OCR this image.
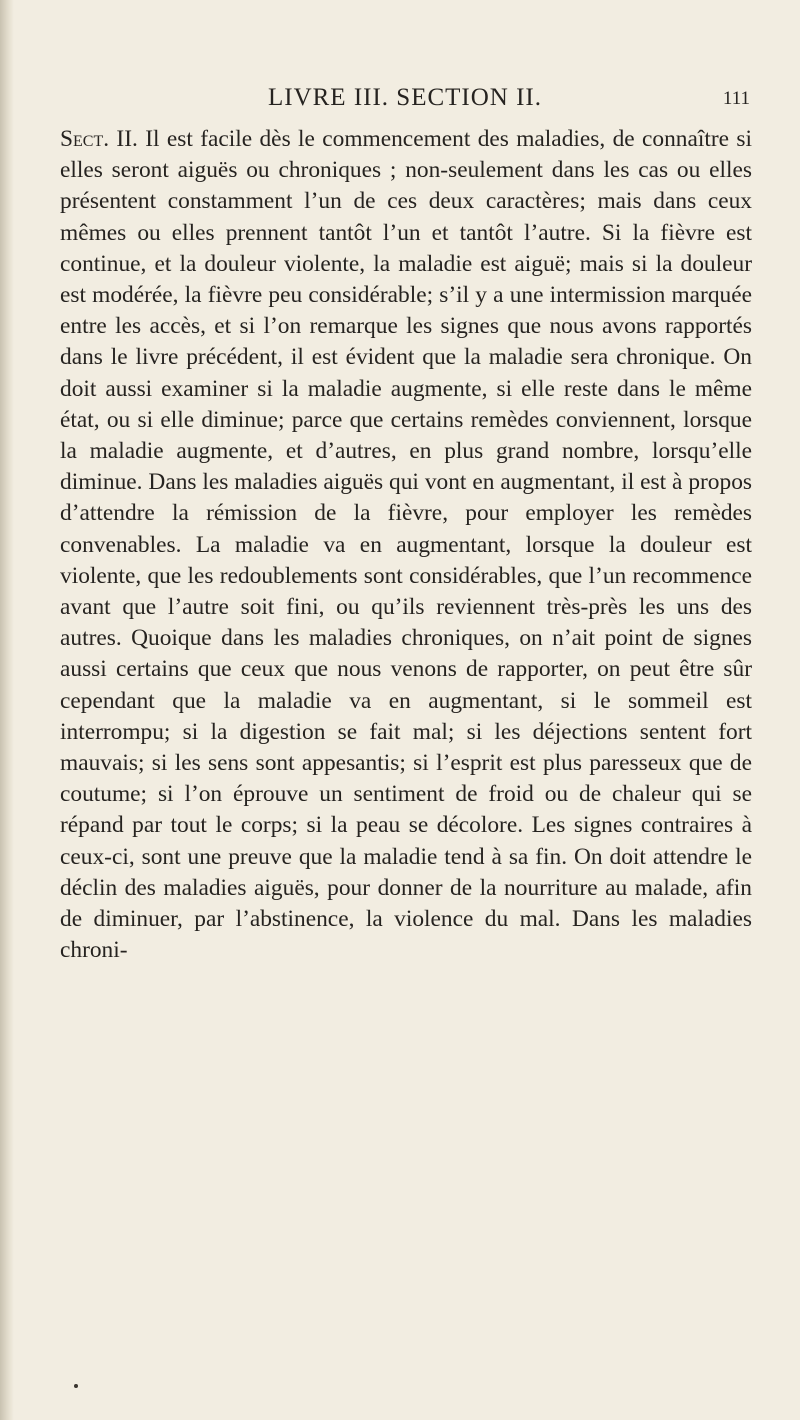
LIVRE III. SECTION II.	111

Sect. II. Il est facile dès le commencement des maladies, de connaître si elles seront aiguës ou chroniques ; non-seulement dans les cas ou elles présentent constamment l’un de ces deux caractères; mais dans ceux mêmes ou elles prennent tantôt l’un et tantôt l’autre. Si la fièvre est continue, et la douleur violente, la maladie est aiguë; mais si la douleur est modérée, la fièvre peu considérable; s’il y a une intermission marquée entre les accès, et si l’on remarque les signes que nous avons rapportés dans le livre précédent, il est évident que la maladie sera chronique. On doit aussi examiner si la maladie augmente, si elle reste dans le même état, ou si elle diminue; parce que certains remèdes conviennent, lorsque la maladie augmente, et d’autres, en plus grand nombre, lorsqu’elle diminue. Dans les maladies aiguës qui vont en augmentant, il est à propos d’attendre la rémission de la fièvre, pour employer les remèdes convenables. La maladie va en augmentant, lorsque la douleur est violente, que les redoublements sont considérables, que l’un recommence avant que l’autre soit fini, ou qu’ils reviennent très-près les uns des autres. Quoique dans les maladies chroniques, on n’ait point de signes aussi certains que ceux que nous venons de rapporter, on peut être sûr cependant que la maladie va en augmentant, si le sommeil est interrompu; si la digestion se fait mal; si les déjections sentent fort mauvais; si les sens sont appesantis; si l’esprit est plus paresseux que de coutume; si l’on éprouve un sentiment de froid ou de chaleur qui se répand par tout le corps; si la peau se décolore. Les signes contraires à ceux-ci, sont une preuve que la maladie tend à sa fin. On doit attendre le déclin des maladies aiguës, pour donner de la nourriture au malade, afin de diminuer, par l’abstinence, la violence du mal. Dans les maladies chroni-
